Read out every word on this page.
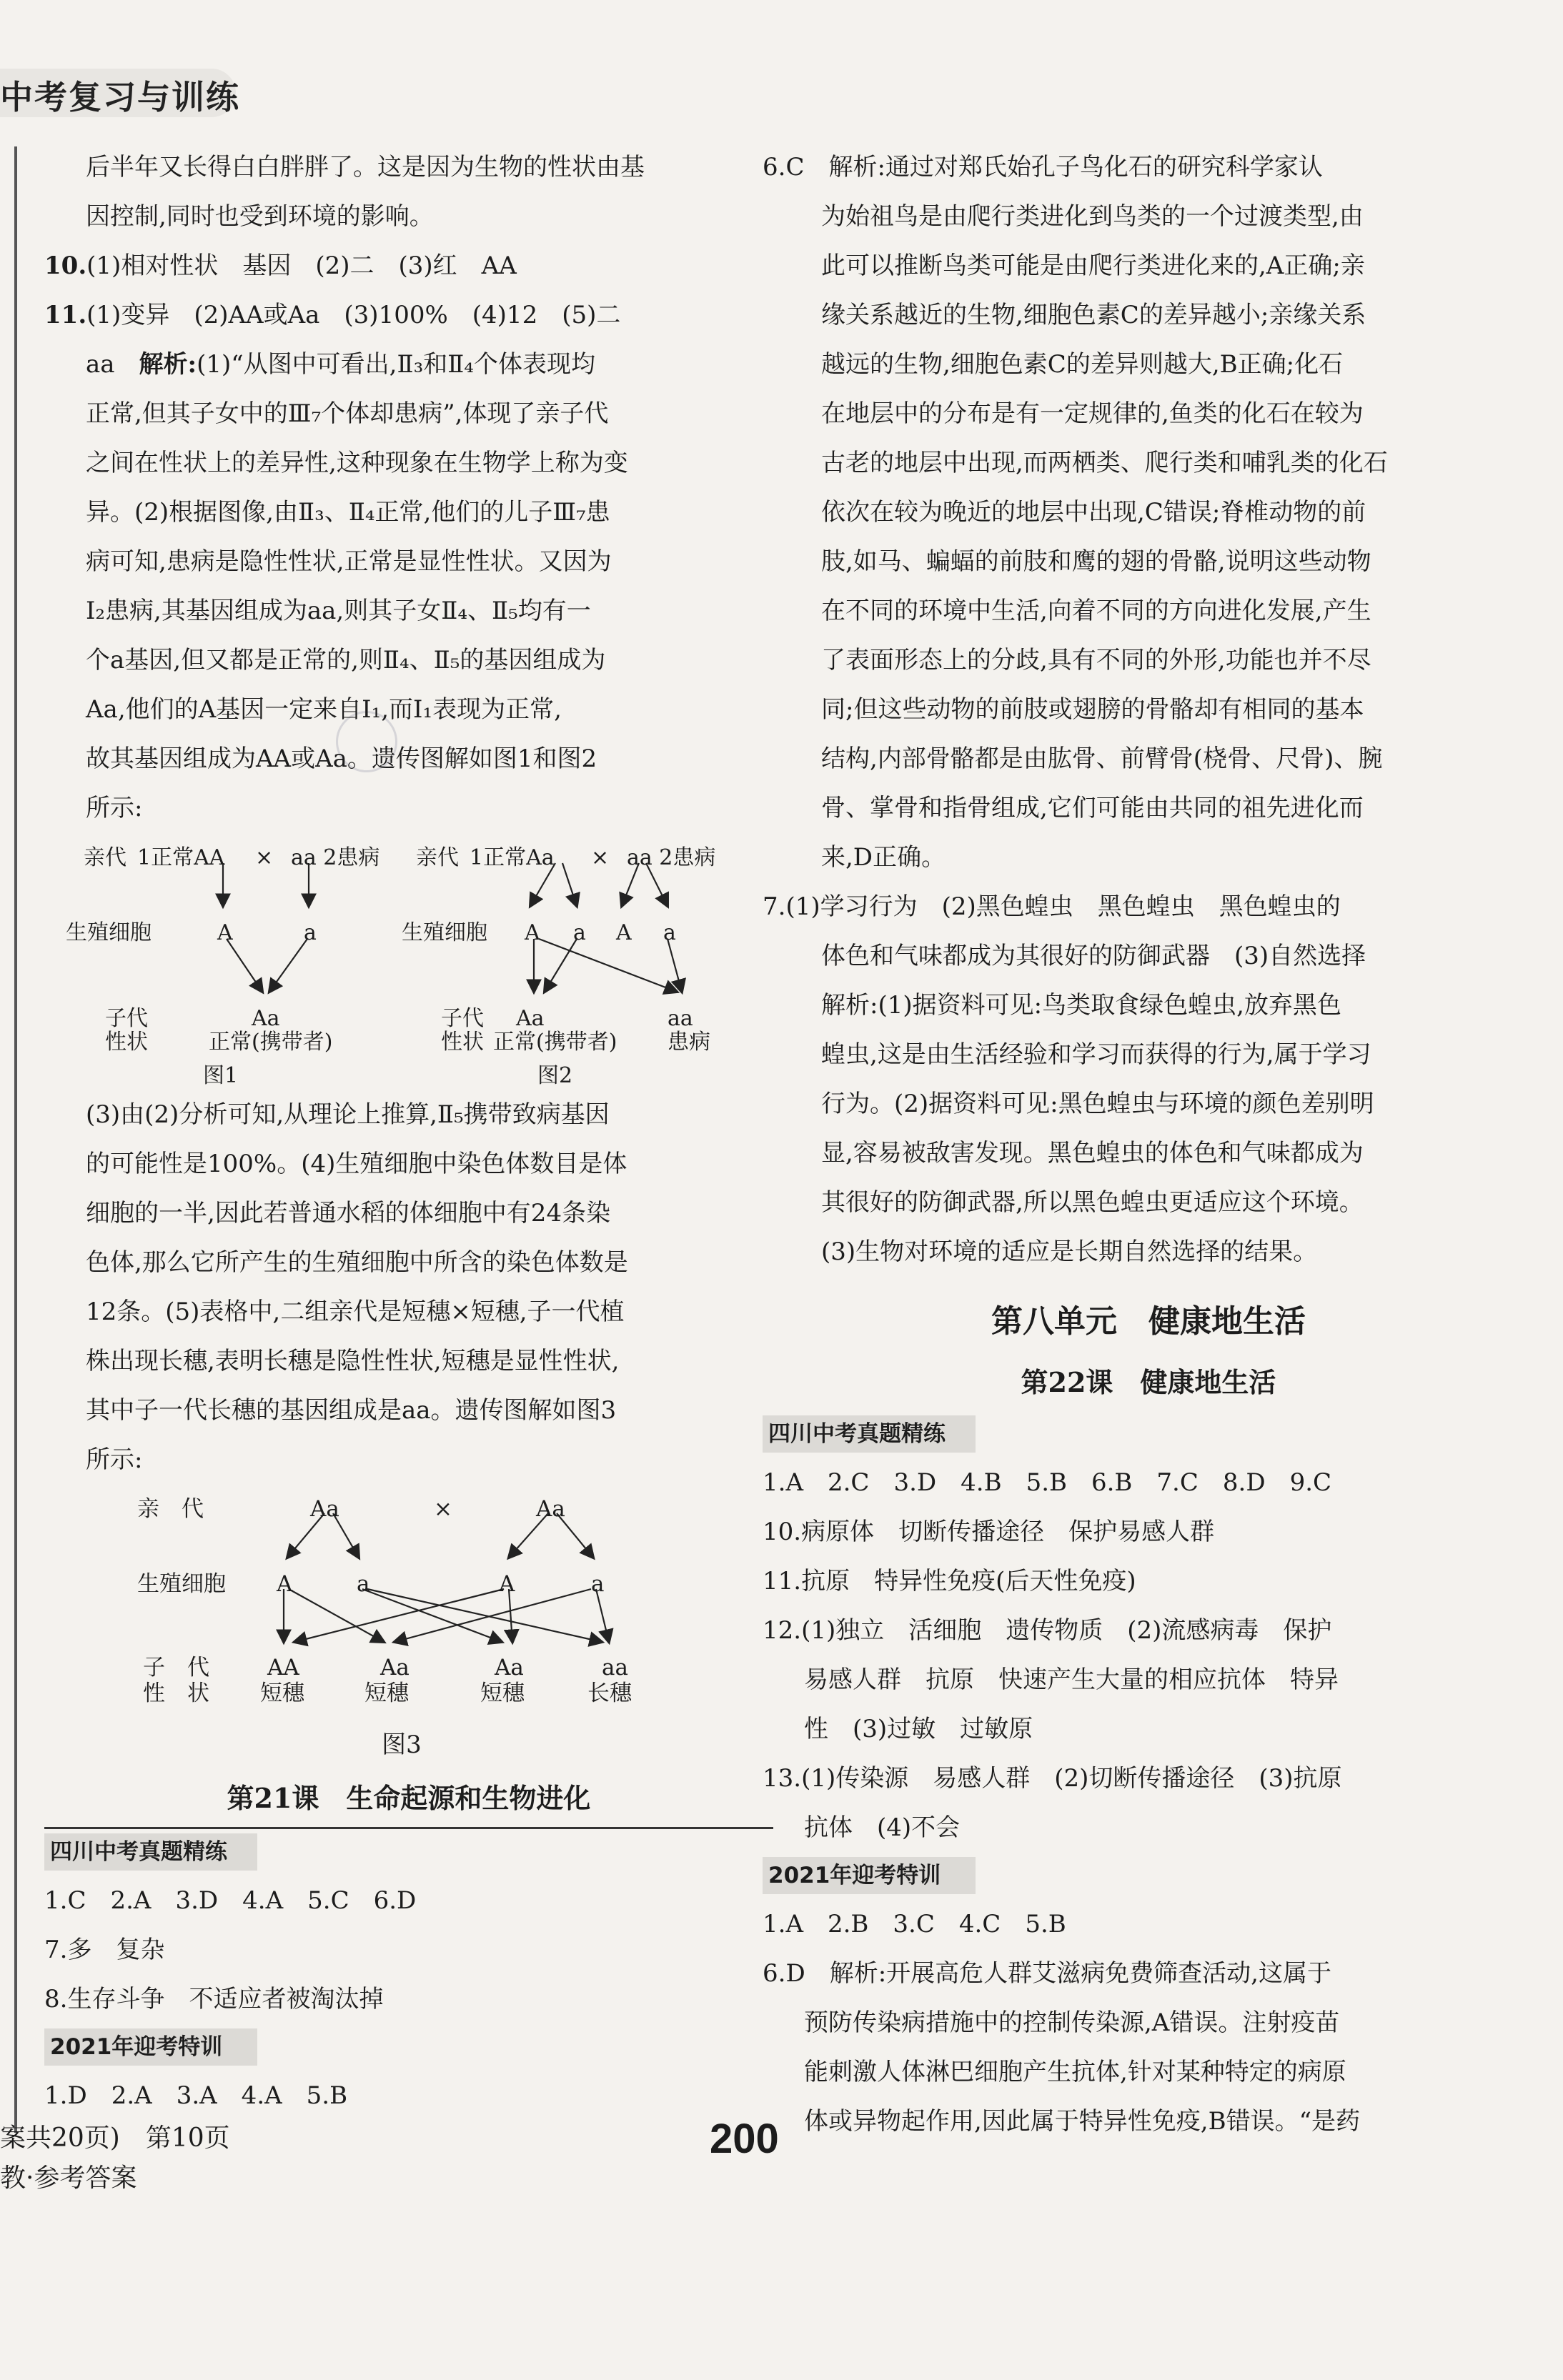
中考复习与训练

后半年又长得白白胖胖了。这是因为生物的性状由基

因控制,同时也受到环境的影响。

10.(1)相对性状　基因　(2)二　(3)红　AA

11.(1)变异　(2)AA或Aa　(3)100%　(4)12　(5)二

aa　 解析:(1)“从图中可看出,Ⅱ₃和Ⅱ₄个体表现均

正常,但其子女中的Ⅲ₇个体却患病”,体现了亲子代

之间在性状上的差异性,这种现象在生物学上称为变

异。(2)根据图像,由Ⅱ₃、Ⅱ₄正常,他们的儿子Ⅲ₇患

病可知,患病是隐性性状,正常是显性性状。又因为

Ⅰ₂患病,其基因组成为aa,则其子女Ⅱ₄、Ⅱ₅均有一

个a基因,但又都是正常的,则Ⅱ₄、Ⅱ₅的基因组成为

Aa,他们的A基因一定来自Ⅰ₁,而Ⅰ₁表现为正常,

故其基因组成为AA或Aa。遗传图解如图1和图2

所示:

亲代 1正常AA × aa 2患病 亲代 1正常Aa × aa 2患病
生殖细胞	A	a	生殖细胞 A a A a
子代
性状
Aa
正常(携带者)
子代
性状
Aa	aa
正常(携带者) 患病
图1	图2

(3)由(2)分析可知,从理论上推算,Ⅱ₅携带致病基因

的可能性是100%。(4)生殖细胞中染色体数目是体

细胞的一半,因此若普通水稻的体细胞中有24条染

色体,那么它所产生的生殖细胞中所含的染色体数是

12条。(5)表格中,二组亲代是短穗×短穗,子一代植

株出现长穗,表明长穗是隐性性状,短穗是显性性状,

其中子一代长穗的基因组成是aa。遗传图解如图3

所示:

亲　代	Aa	×	Aa
生殖细胞 A	a	A	a
子　代
性　状
AA
短穗
Aa
短穗
Aa
短穗
aa
长穗

图3

第21课　生命起源和生物进化

四川中考真题精练

1.C　2.A　3.D　4.A　5.C　6.D

7.多　复杂

8.生存斗争　不适应者被淘汰掉

2021年迎考特训

1.D　2.A　3.A　4.A　5.B

6.C　解析:通过对郑氏始孔子鸟化石的研究科学家认

为始祖鸟是由爬行类进化到鸟类的一个过渡类型,由

此可以推断鸟类可能是由爬行类进化来的,A正确;亲

缘关系越近的生物,细胞色素C的差异越小;亲缘关系

越远的生物,细胞色素C的差异则越大,B正确;化石

在地层中的分布是有一定规律的,鱼类的化石在较为

古老的地层中出现,而两栖类、爬行类和哺乳类的化石

依次在较为晚近的地层中出现,C错误;脊椎动物的前

肢,如马、蝙蝠的前肢和鹰的翅的骨骼,说明这些动物

在不同的环境中生活,向着不同的方向进化发展,产生

了表面形态上的分歧,具有不同的外形,功能也并不尽

同;但这些动物的前肢或翅膀的骨骼却有相同的基本

结构,内部骨骼都是由肱骨、前臂骨(桡骨、尺骨)、腕

骨、掌骨和指骨组成,它们可能由共同的祖先进化而

来,D正确。

7.(1)学习行为　(2)黑色蝗虫　黑色蝗虫　黑色蝗虫的

体色和气味都成为其很好的防御武器　(3)自然选择

解析:(1)据资料可见:鸟类取食绿色蝗虫,放弃黑色

蝗虫,这是由生活经验和学习而获得的行为,属于学习

行为。(2)据资料可见:黑色蝗虫与环境的颜色差别明

显,容易被敌害发现。黑色蝗虫的体色和气味都成为

其很好的防御武器,所以黑色蝗虫更适应这个环境。

(3)生物对环境的适应是长期自然选择的结果。

第八单元　健康地生活

第22课　健康地生活

四川中考真题精练

1.A　2.C　3.D　4.B　5.B　6.B　7.C　8.D　9.C

10.病原体　切断传播途径　保护易感人群

11.抗原　特异性免疫(后天性免疫)

12.(1)独立　活细胞　遗传物质　(2)流感病毒　保护

易感人群　抗原　快速产生大量的相应抗体　特异

性　(3)过敏　过敏原

13.(1)传染源　易感人群　(2)切断传播途径　(3)抗原

抗体　(4)不会

2021年迎考特训

1.A　2.B　3.C　4.C　5.B

6.D　解析:开展高危人群艾滋病免费筛查活动,这属于

预防传染病措施中的控制传染源,A错误。注射疫苗

能刺激人体淋巴细胞产生抗体,针对某种特定的病原

体或异物起作用,因此属于特异性免疫,B错误。“是药

案共20页)　第10页
教·参考答案
200
